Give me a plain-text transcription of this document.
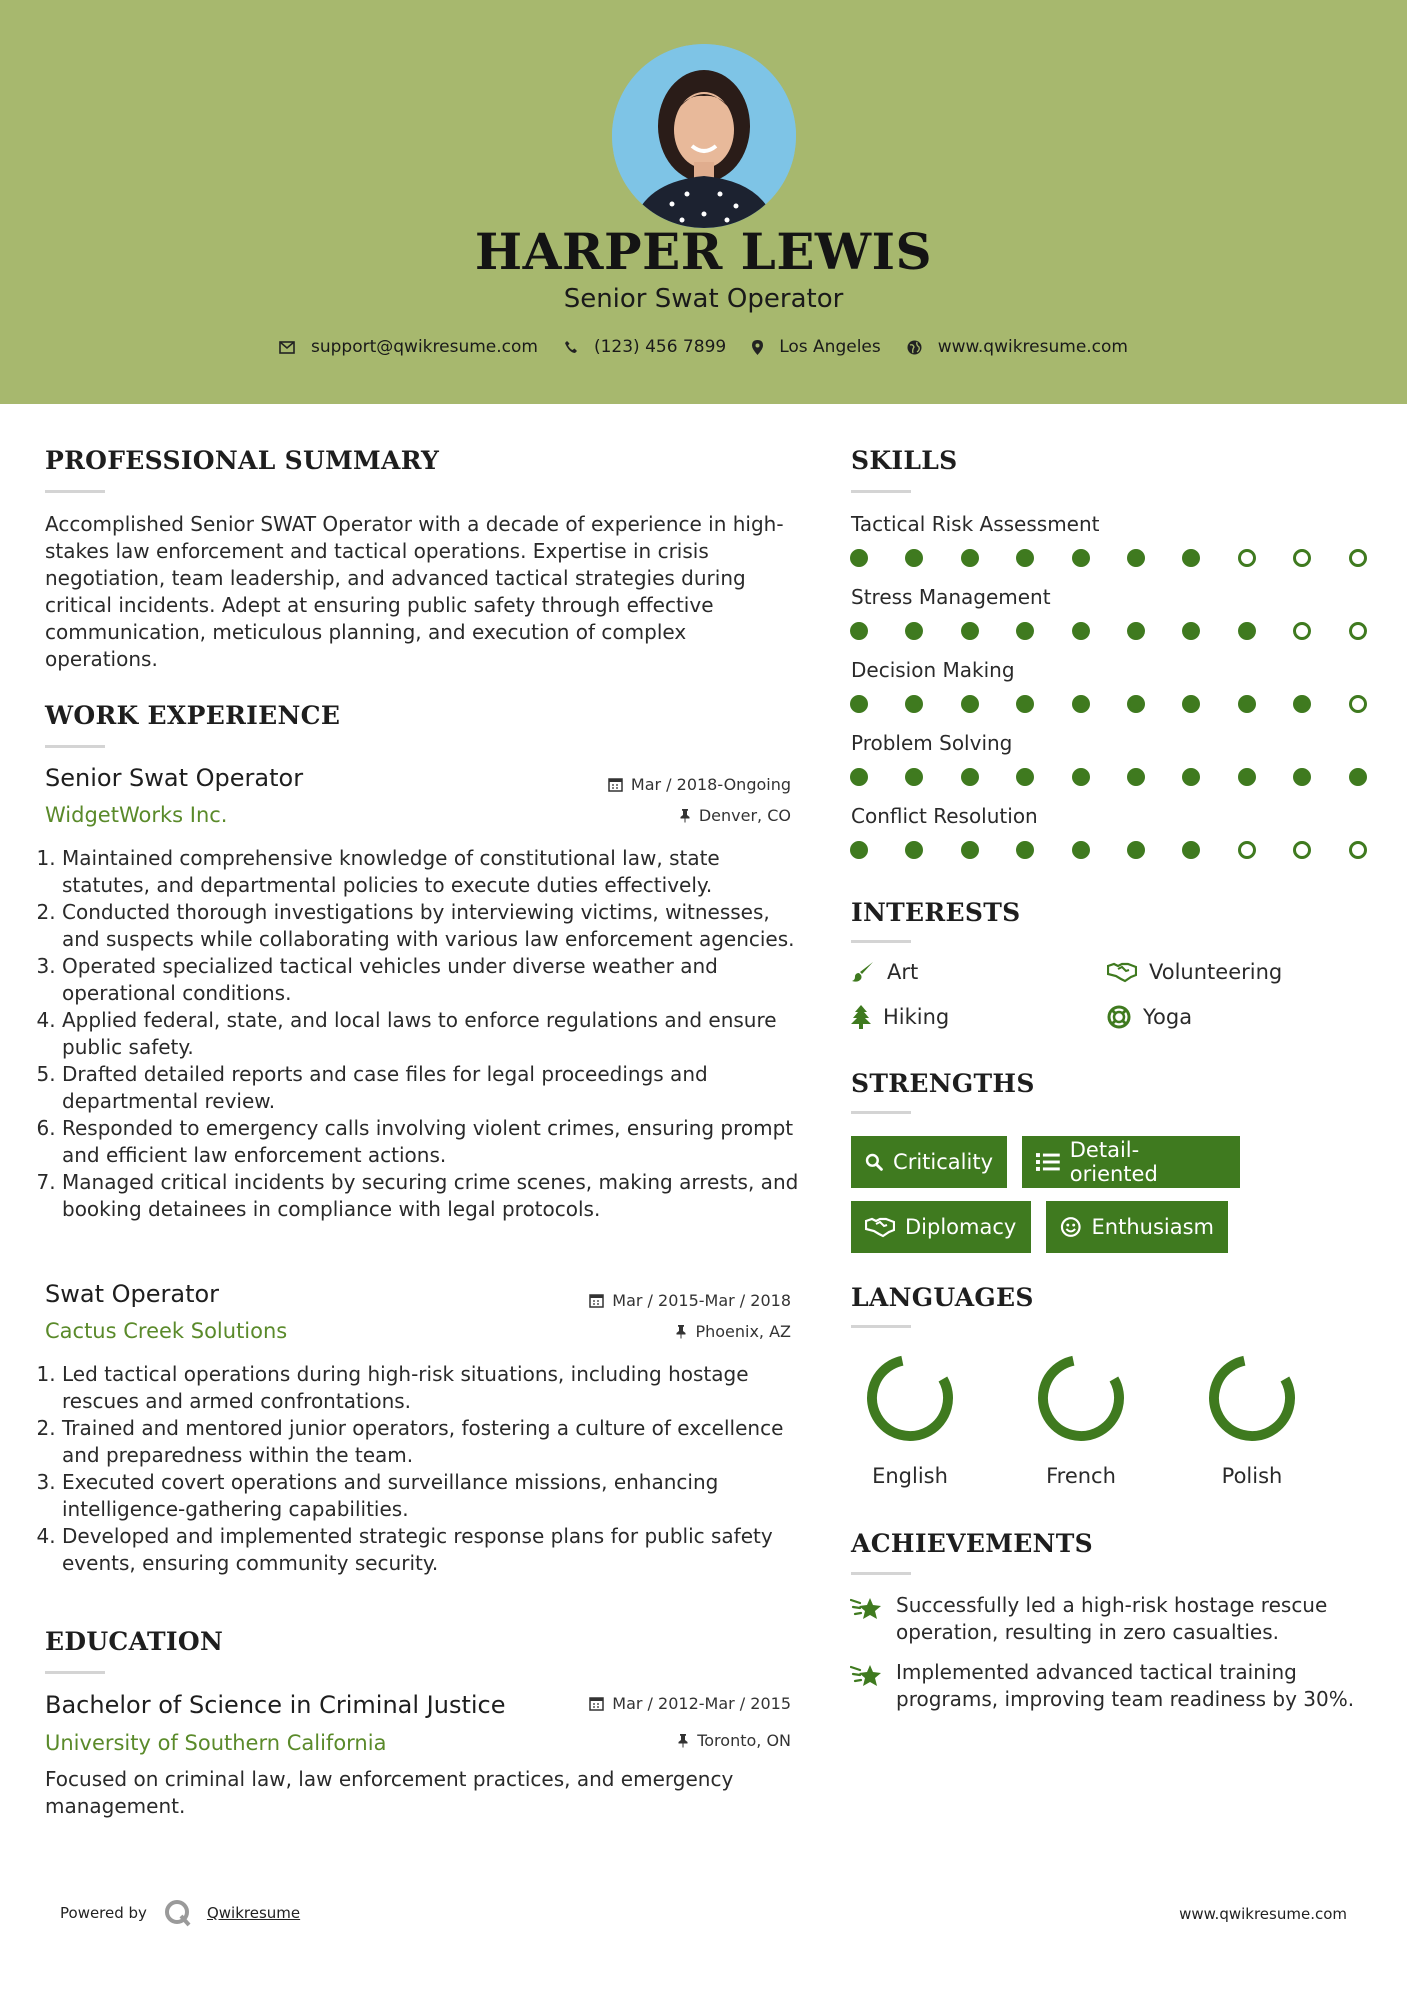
HARPER LEWIS
Senior Swat Operator
support@qwikresume.com	(123) 456 7899	Los Angeles	www.qwikresume.com
PROFESSIONAL SUMMARY
Accomplished Senior SWAT Operator with a decade of experience in high-stakes law enforcement and tactical operations. Expertise in crisis negotiation, team leadership, and advanced tactical strategies during critical incidents. Adept at ensuring public safety through effective communication, meticulous planning, and execution of complex operations.
WORK EXPERIENCE
Senior Swat Operator	Mar / 2018-Ongoing
WidgetWorks Inc.	Denver, CO
1. Maintained comprehensive knowledge of constitutional law, state statutes, and departmental policies to execute duties effectively.
2. Conducted thorough investigations by interviewing victims, witnesses, and suspects while collaborating with various law enforcement agencies.
3. Operated specialized tactical vehicles under diverse weather and operational conditions.
4. Applied federal, state, and local laws to enforce regulations and ensure public safety.
5. Drafted detailed reports and case files for legal proceedings and departmental review.
6. Responded to emergency calls involving violent crimes, ensuring prompt and efficient law enforcement actions.
7. Managed critical incidents by securing crime scenes, making arrests, and booking detainees in compliance with legal protocols.
Swat Operator	Mar / 2015-Mar / 2018
Cactus Creek Solutions	Phoenix, AZ
1. Led tactical operations during high-risk situations, including hostage rescues and armed confrontations.
2. Trained and mentored junior operators, fostering a culture of excellence and preparedness within the team.
3. Executed covert operations and surveillance missions, enhancing intelligence-gathering capabilities.
4. Developed and implemented strategic response plans for public safety events, ensuring community security.
EDUCATION
Bachelor of Science in Criminal Justice	Mar / 2012-Mar / 2015
University of Southern California	Toronto, ON
Focused on criminal law, law enforcement practices, and emergency management.
SKILLS
Tactical Risk Assessment
Stress Management
Decision Making
Problem Solving
Conflict Resolution
INTERESTS
Art	Volunteering
Hiking	Yoga
STRENGTHS
Criticality	Detail-oriented
Diplomacy	Enthusiasm
LANGUAGES
English	French	Polish
ACHIEVEMENTS
Successfully led a high-risk hostage rescue operation, resulting in zero casualties.
Implemented advanced tactical training programs, improving team readiness by 30%.
Powered by	Qwikresume	www.qwikresume.com
